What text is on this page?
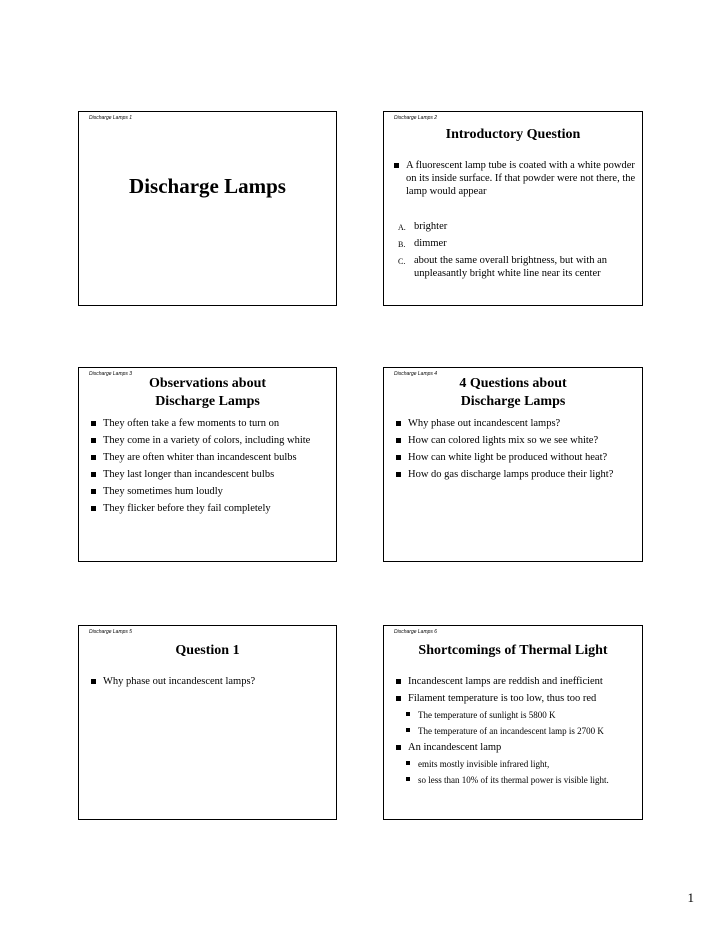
Discharge Lamps 1
Discharge Lamps
Discharge Lamps 2
Introductory Question
A fluorescent lamp tube is coated with a white powder on its inside surface. If that powder were not there, the lamp would appear
A. brighter
B. dimmer
C. about the same overall brightness, but with an unpleasantly bright white line near its center
Discharge Lamps 3
Observations about
Discharge Lamps
They often take a few moments to turn on
They come in a variety of colors, including white
They are often whiter than incandescent bulbs
They last longer than incandescent bulbs
They sometimes hum loudly
They flicker before they fail completely
Discharge Lamps 4
4 Questions about
Discharge Lamps
Why phase out incandescent lamps?
How can colored lights mix so we see white?
How can white light be produced without heat?
How do gas discharge lamps produce their light?
Discharge Lamps 5
Question 1
Why phase out incandescent lamps?
Discharge Lamps 6
Shortcomings of Thermal Light
Incandescent lamps are reddish and inefficient
Filament temperature is too low, thus too red
The temperature of sunlight is 5800 K
The temperature of an incandescent lamp is 2700 K
An incandescent lamp
emits mostly invisible infrared light,
so less than 10% of its thermal power is visible light.
1
